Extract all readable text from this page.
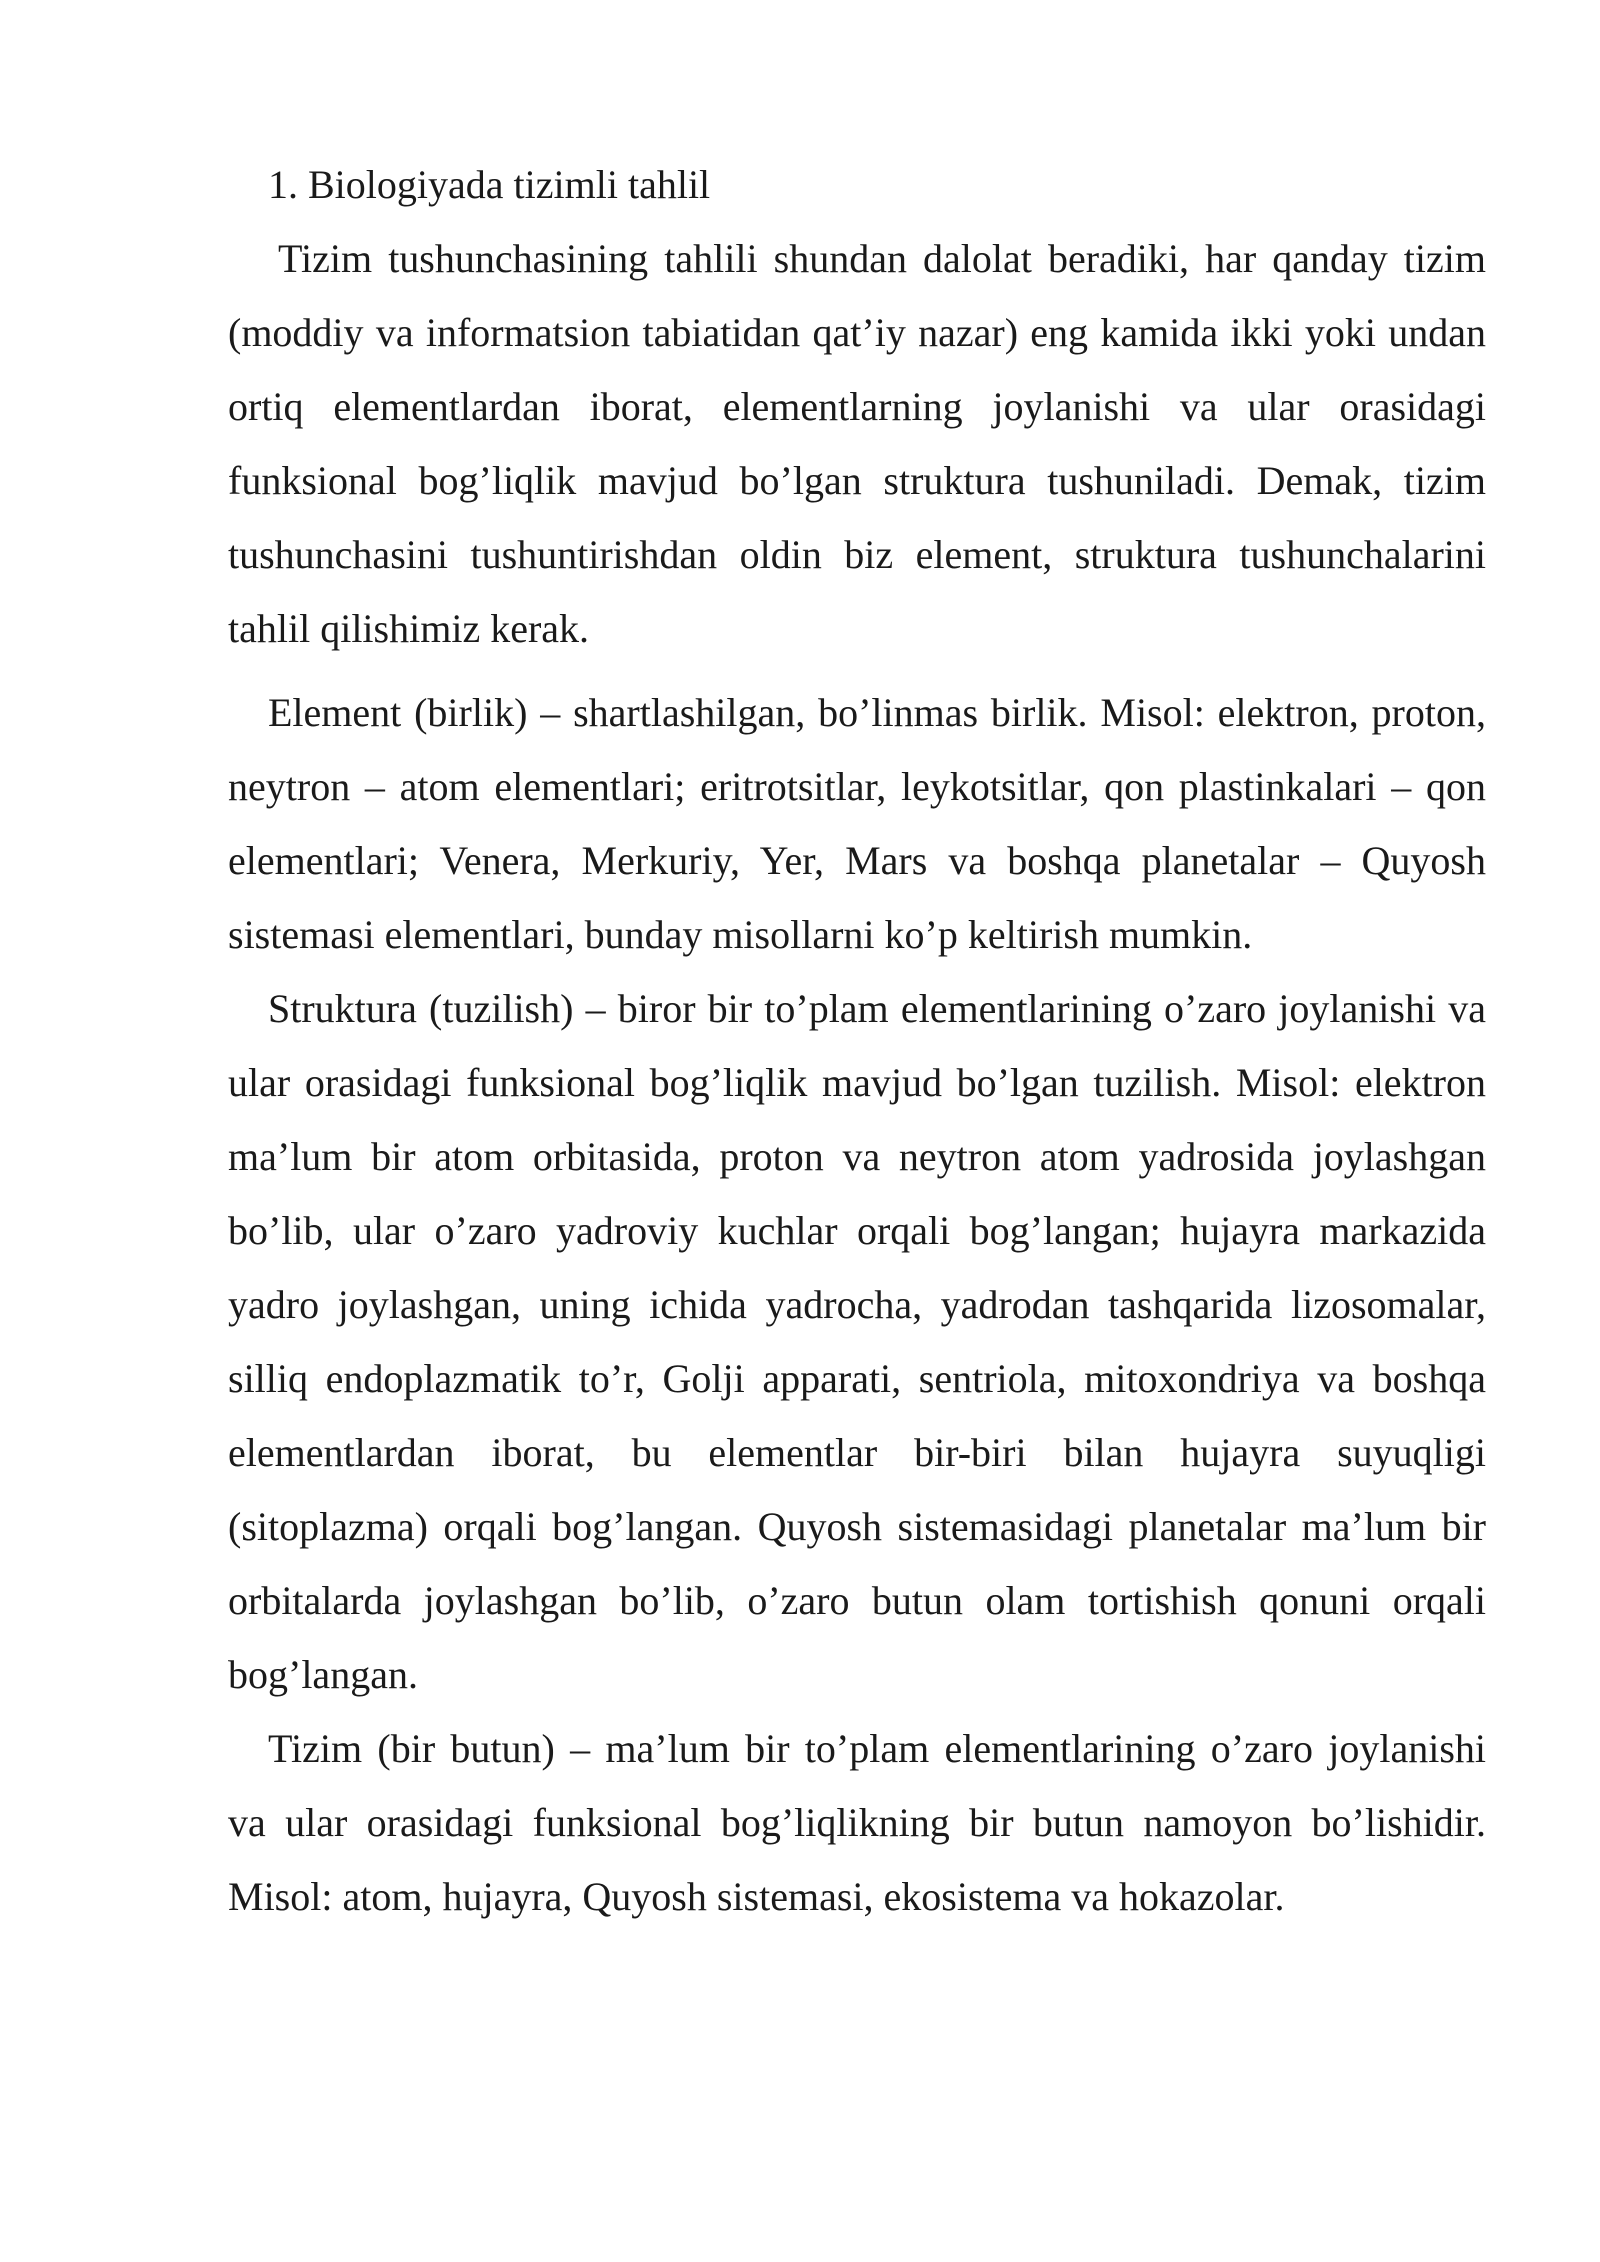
1. Biologiyada tizimli tahlil

Tizim tushunchasining tahlili shundan dalolat beradiki, har qanday tizim (moddiy va informatsion tabiatidan qat’iy nazar) eng kamida ikki yoki undan ortiq elementlardan iborat, elementlarning joylanishi va ular orasidagi funksional bog’liqlik mavjud bo’lgan struktura tushuniladi. Demak, tizim tushunchasini tushuntirishdan oldin biz element, struktura tushunchalarini tahlil qilishimiz kerak.

Element (birlik) – shartlashilgan, bo’linmas birlik. Misol: elektron, proton, neytron – atom elementlari; eritrotsitlar, leykotsitlar, qon plastinkalari – qon elementlari; Venera, Merkuriy, Yer, Mars va boshqa planetalar – Quyosh sistemasi elementlari, bunday misollarni ko’p keltirish mumkin.

Struktura (tuzilish) – biror bir to’plam elementlarining o’zaro joylanishi va ular orasidagi funksional bog’liqlik mavjud bo’lgan tuzilish. Misol: elektron ma’lum bir atom orbitasida, proton va neytron atom yadrosida joylashgan bo’lib, ular o’zaro yadroviy kuchlar orqali bog’langan; hujayra markazida yadro joylashgan, uning ichida yadrocha, yadrodan tashqarida lizosomalar, silliq endoplazmatik to’r, Golji apparati, sentriola, mitoxondriya va boshqa elementlardan iborat, bu elementlar bir-biri bilan hujayra suyuqligi (sitoplazma) orqali bog’langan. Quyosh sistemasidagi planetalar ma’lum bir orbitalarda joylashgan bo’lib, o’zaro butun olam tortishish qonuni orqali bog’langan.

Tizim (bir butun) – ma’lum bir to’plam elementlarining o’zaro joylanishi va ular orasidagi funksional bog’liqlikning bir butun namoyon bo’lishidir. Misol: atom, hujayra, Quyosh sistemasi, ekosistema va hokazolar.
